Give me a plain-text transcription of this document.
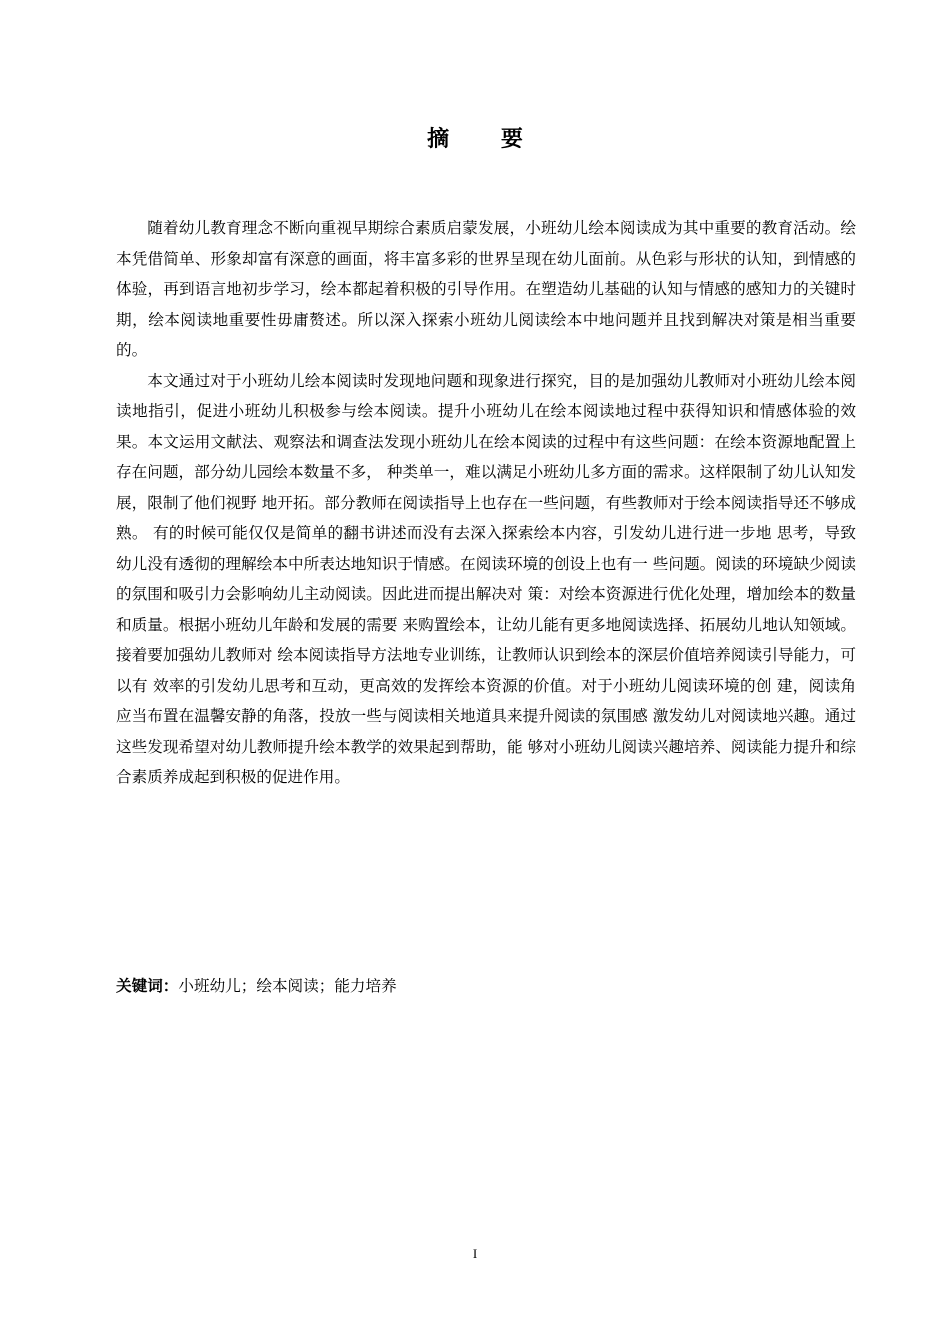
摘 要

随着幼儿教育理念不断向重视早期综合素质启蒙发展，小班幼儿绘本阅读成为其中重要的教育活动。绘本凭借简单、形象却富有深意的画面，将丰富多彩的世界呈现在幼儿面前。从色彩与形状的认知，到情感的体验，再到语言地初步学习，绘本都起着积极的引导作用。在塑造幼儿基础的认知与情感的感知力的关键时期，绘本阅读地重要性毋庸赘述。所以深入探索小班幼儿阅读绘本中地问题并且找到解决对策是相当重要的。

本文通过对于小班幼儿绘本阅读时发现地问题和现象进行探究，目的是加强幼儿教师对小班幼儿绘本阅读地指引，促进小班幼儿积极参与绘本阅读。提升小班幼儿在绘本阅读地过程中获得知识和情感体验的效果。本文运用文献法、观察法和调查法发现小班幼儿在绘本阅读的过程中有这些问题：在绘本资源地配置上存在问题，部分幼儿园绘本数量不多， 种类单一，难以满足小班幼儿多方面的需求。这样限制了幼儿认知发展，限制了他们视野 地开拓。部分教师在阅读指导上也存在一些问题，有些教师对于绘本阅读指导还不够成熟。 有的时候可能仅仅是简单的翻书讲述而没有去深入探索绘本内容，引发幼儿进行进一步地 思考，导致幼儿没有透彻的理解绘本中所表达地知识于情感。在阅读环境的创设上也有一 些问题。阅读的环境缺少阅读的氛围和吸引力会影响幼儿主动阅读。因此进而提出解决对 策：对绘本资源进行优化处理，增加绘本的数量和质量。根据小班幼儿年龄和发展的需要 来购置绘本，让幼儿能有更多地阅读选择、拓展幼儿地认知领域。接着要加强幼儿教师对 绘本阅读指导方法地专业训练，让教师认识到绘本的深层价值培养阅读引导能力，可以有 效率的引发幼儿思考和互动，更高效的发挥绘本资源的价值。对于小班幼儿阅读环境的创 建，阅读角应当布置在温馨安静的角落，投放一些与阅读相关地道具来提升阅读的氛围感 激发幼儿对阅读地兴趣。通过这些发现希望对幼儿教师提升绘本教学的效果起到帮助，能 够对小班幼儿阅读兴趣培养、阅读能力提升和综合素质养成起到积极的促进作用。

关键词：小班幼儿；绘本阅读；能力培养

I
